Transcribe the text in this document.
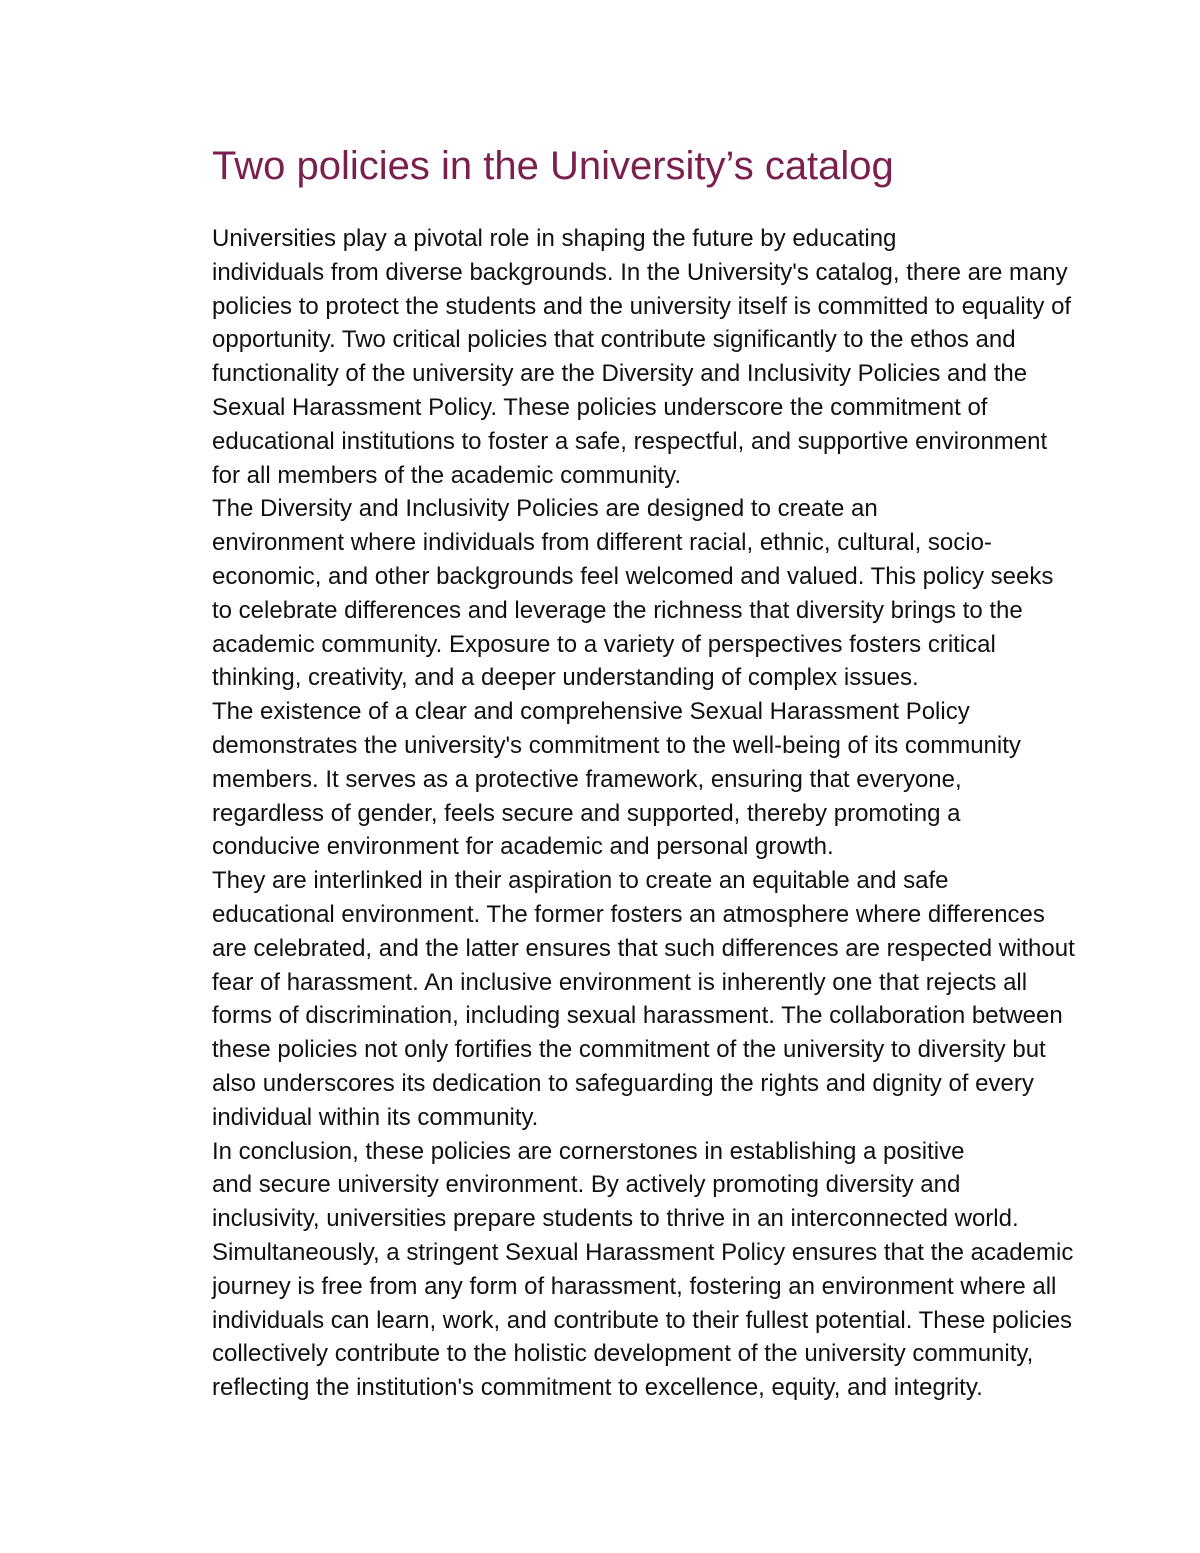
Two policies in the University’s catalog

Universities play a pivotal role in shaping the future by educating
individuals from diverse backgrounds. In the University's catalog, there are many
policies to protect the students and the university itself is committed to equality of
opportunity. Two critical policies that contribute significantly to the ethos and
functionality of the university are the Diversity and Inclusivity Policies and the
Sexual Harassment Policy. These policies underscore the commitment of
educational institutions to foster a safe, respectful, and supportive environment
for all members of the academic community.

The Diversity and Inclusivity Policies are designed to create an
environment where individuals from different racial, ethnic, cultural, socio-
economic, and other backgrounds feel welcomed and valued. This policy seeks
to celebrate differences and leverage the richness that diversity brings to the
academic community. Exposure to a variety of perspectives fosters critical
thinking, creativity, and a deeper understanding of complex issues.

The existence of a clear and comprehensive Sexual Harassment Policy
demonstrates the university's commitment to the well-being of its community
members. It serves as a protective framework, ensuring that everyone,
regardless of gender, feels secure and supported, thereby promoting a
conducive environment for academic and personal growth.

They are interlinked in their aspiration to create an equitable and safe
educational environment. The former fosters an atmosphere where differences
are celebrated, and the latter ensures that such differences are respected without
fear of harassment. An inclusive environment is inherently one that rejects all
forms of discrimination, including sexual harassment. The collaboration between
these policies not only fortifies the commitment of the university to diversity but
also underscores its dedication to safeguarding the rights and dignity of every
individual within its community.

In conclusion, these policies are cornerstones in establishing a positive
and secure university environment. By actively promoting diversity and
inclusivity, universities prepare students to thrive in an interconnected world.
Simultaneously, a stringent Sexual Harassment Policy ensures that the academic
journey is free from any form of harassment, fostering an environment where all
individuals can learn, work, and contribute to their fullest potential. These policies
collectively contribute to the holistic development of the university community,
reflecting the institution's commitment to excellence, equity, and integrity.
